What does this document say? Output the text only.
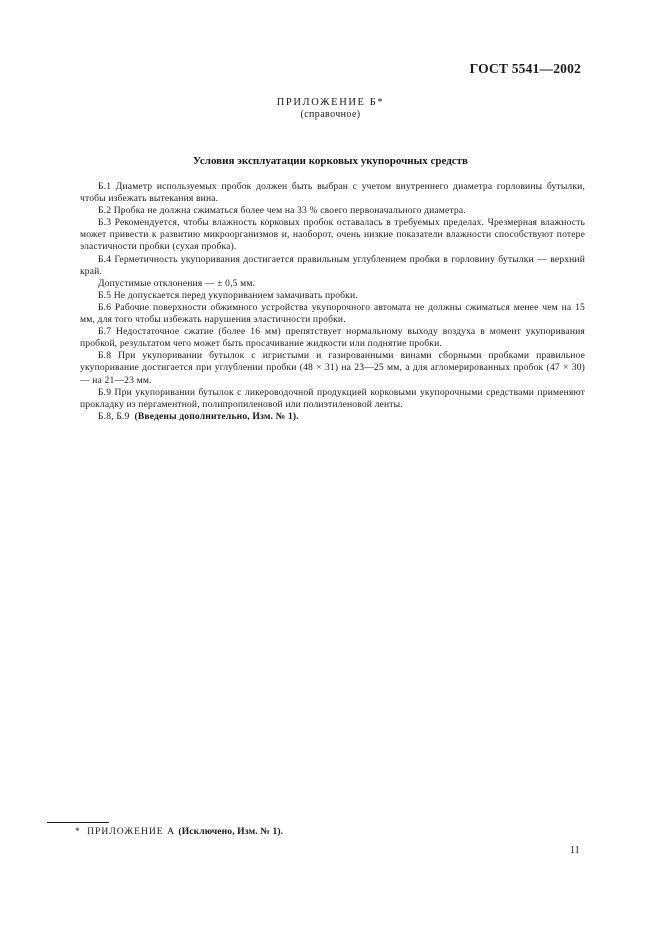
ГОСТ 5541—2002
ПРИЛОЖЕНИЕ Б*
(справочное)
Условия эксплуатации корковых укупорочных средств

Б.1 Диаметр используемых пробок должен быть выбран с учетом внутреннего диаметра горловины бутылки, чтобы избежать вытекания вина.

Б.2 Пробка не должна сжиматься более чем на 33 % своего первоначального диаметра.

Б.3 Рекомендуется, чтобы влажность корковых пробок оставалась в требуемых пределах. Чрезмерная влажность может привести к развитию микроорганизмов и, наоборот, очень низкие показатели влажности способствуют потере эластичности пробки (сухая пробка).

Б.4 Герметичность укупоривания достигается правильным углублением пробки в горловину бутылки — верхний край.

Допустимые отклонения — ± 0,5 мм.

Б.5 Не допускается перед укупориванием замачивать пробки.

Б.6 Рабочие поверхности обжимного устройства укупорочного автомата не должны сжиматься менее чем на 15 мм, для того чтобы избежать нарушения эластичности пробки.

Б.7 Недостаточное сжатие (более 16 мм) препятствует нормальному выходу воздуха в момент укупоривания пробкой, результатом чего может быть просачивание жидкости или поднятие пробки.

Б.8 При укупоривании бутылок с игристыми и газированными винами сборными пробками правильное укупоривание достигается при углублении пробки (48 × 31) на 23—25 мм, а для агломерированных пробок (47 × 30) — на 21—23 мм.

Б.9 При укупоривании бутылок с ликероводочной продукцией корковыми укупорочными средствами применяют прокладку из пергаментной, полипропиленовой или полиэтиленовой ленты.

Б.8, Б.9  (Введены дополнительно, Изм. № 1).

* ПРИЛОЖЕНИЕ А (Исключено, Изм. № 1).
11
